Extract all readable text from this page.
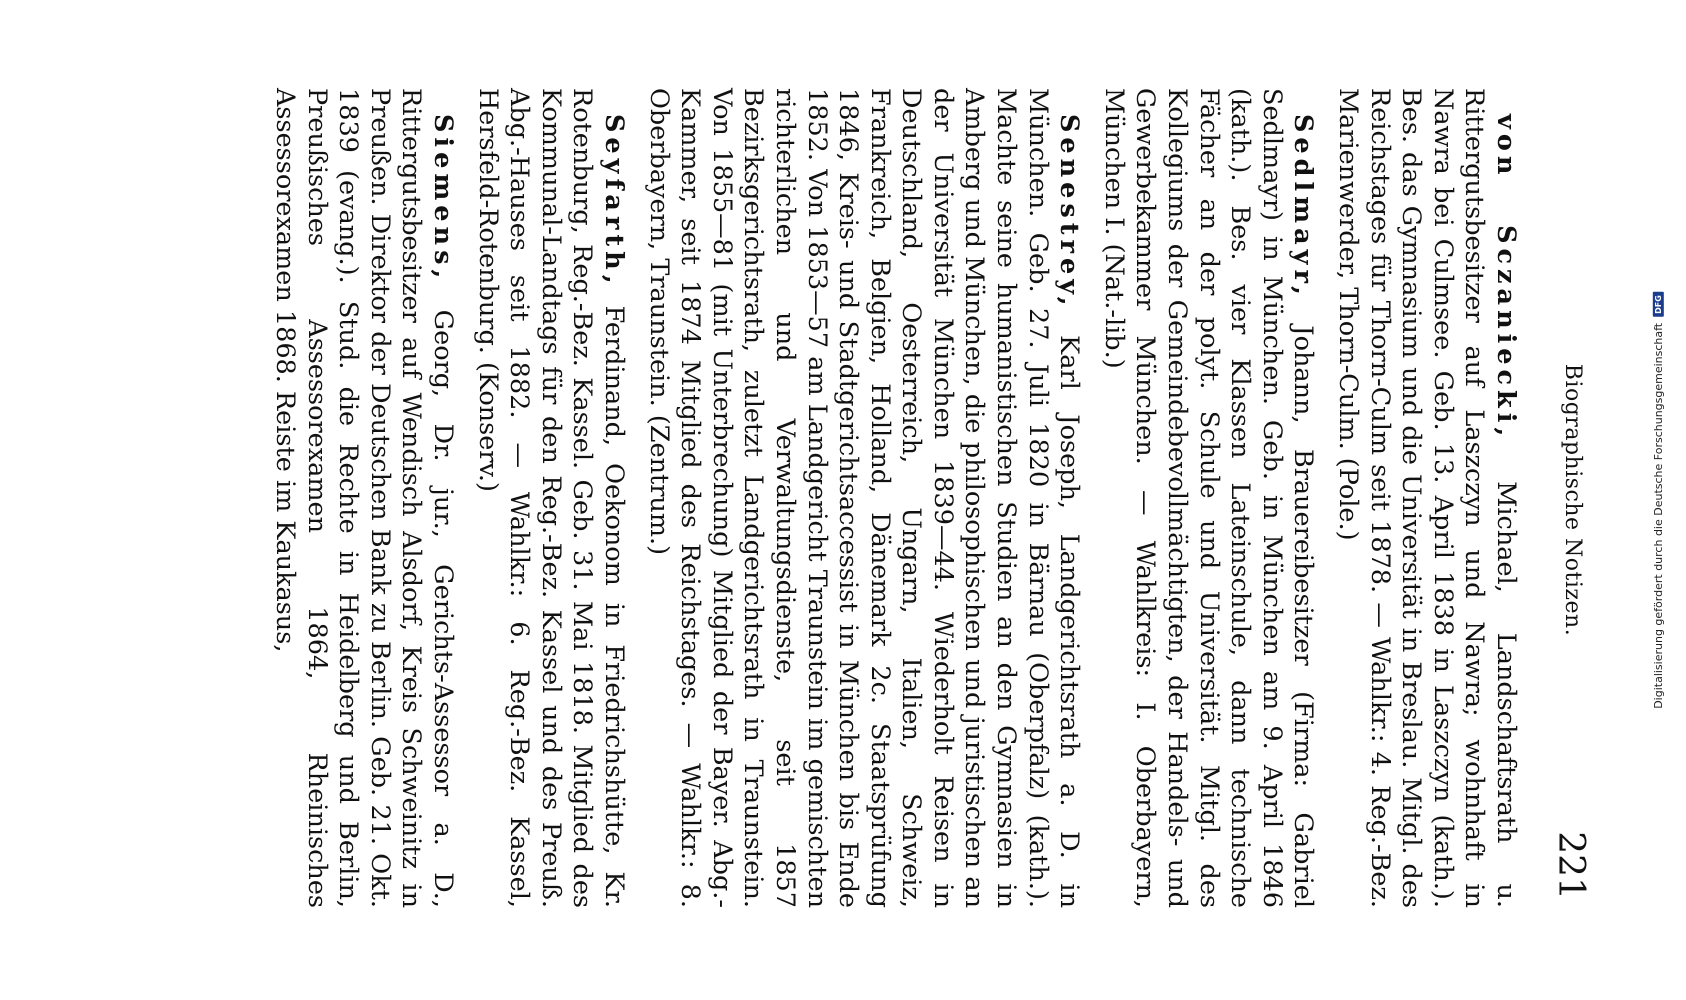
Biographische Notizen.
221

von Sczaniecki, Michael, Landschaftsrath u. Rittergutsbesitzer auf Laszczyn und Nawra; wohnhaft in Nawra bei Culmsee. Geb. 13. April 1838 in Laszczyn (kath.). Bes. das Gymnasium und die Universität in Breslau. Mitgl. des Reichstages für Thorn-Culm seit 1878. — Wahlkr.: 4. Reg.-Bez. Marienwerder, Thorn-Culm. (Pole.)

Sedlmayr, Johann, Brauereibesitzer (Firma: Gabriel Sedlmayr) in München. Geb. in München am 9. April 1846 (kath.). Bes. vier Klassen Lateinschule, dann technische Fächer an der polyt. Schule und Universität. Mitgl. des Kollegiums der Gemeindebevollmächtigten, der Handels- und Gewerbekammer München. — Wahlkreis: I. Oberbayern, München I. (Nat.-lib.)

Senestrey, Karl Joseph, Landgerichtsrath a. D. in München. Geb. 27. Juli 1820 in Bärnau (Oberpfalz) (kath.). Machte seine humanistischen Studien an den Gymnasien in Amberg und München, die philosophischen und juristischen an der Universität München 1839—44. Wiederholt Reisen in Deutschland, Oesterreich, Ungarn, Italien, Schweiz, Frankreich, Belgien, Holland, Dänemark 2c. Staatsprüfung 1846, Kreis- und Stadtgerichtsaccessist in München bis Ende 1852. Von 1853—57 am Landgericht Traunstein im gemischten richterlichen und Verwaltungsdienste, seit 1857 Bezirksgerichtsrath, zuletzt Landgerichtsrath in Traunstein. Von 1855—81 (mit Unterbrechung) Mitglied der Bayer. Abg.-Kammer, seit 1874 Mitglied des Reichstages. — Wahlkr.: 8. Oberbayern, Traunstein. (Zentrum.)

Seyfarth, Ferdinand, Oekonom in Friedrichshütte, Kr. Rotenburg, Reg.-Bez. Kassel. Geb. 31. Mai 1818. Mitglied des Kommunal-Landtags für den Reg.-Bez. Kassel und des Preuß. Abg.-Hauses seit 1882. — Wahlkr.: 6. Reg.-Bez. Kassel, Hersfeld-Rotenburg. (Konserv.)

Siemens, Georg, Dr. jur., Gerichts-Assessor a. D., Rittergutsbesitzer auf Wendisch Alsdorf, Kreis Schweinitz in Preußen. Direktor der Deutschen Bank zu Berlin. Geb. 21. Okt. 1839 (evang.). Stud. die Rechte in Heidelberg und Berlin, Preußisches Assessorexamen 1864, Rheinisches Assessorexamen 1868. Reiste im Kaukasus,	Digitalisierung gefördert durch die Deutsche Forschungsgemeinschaft
DFG
